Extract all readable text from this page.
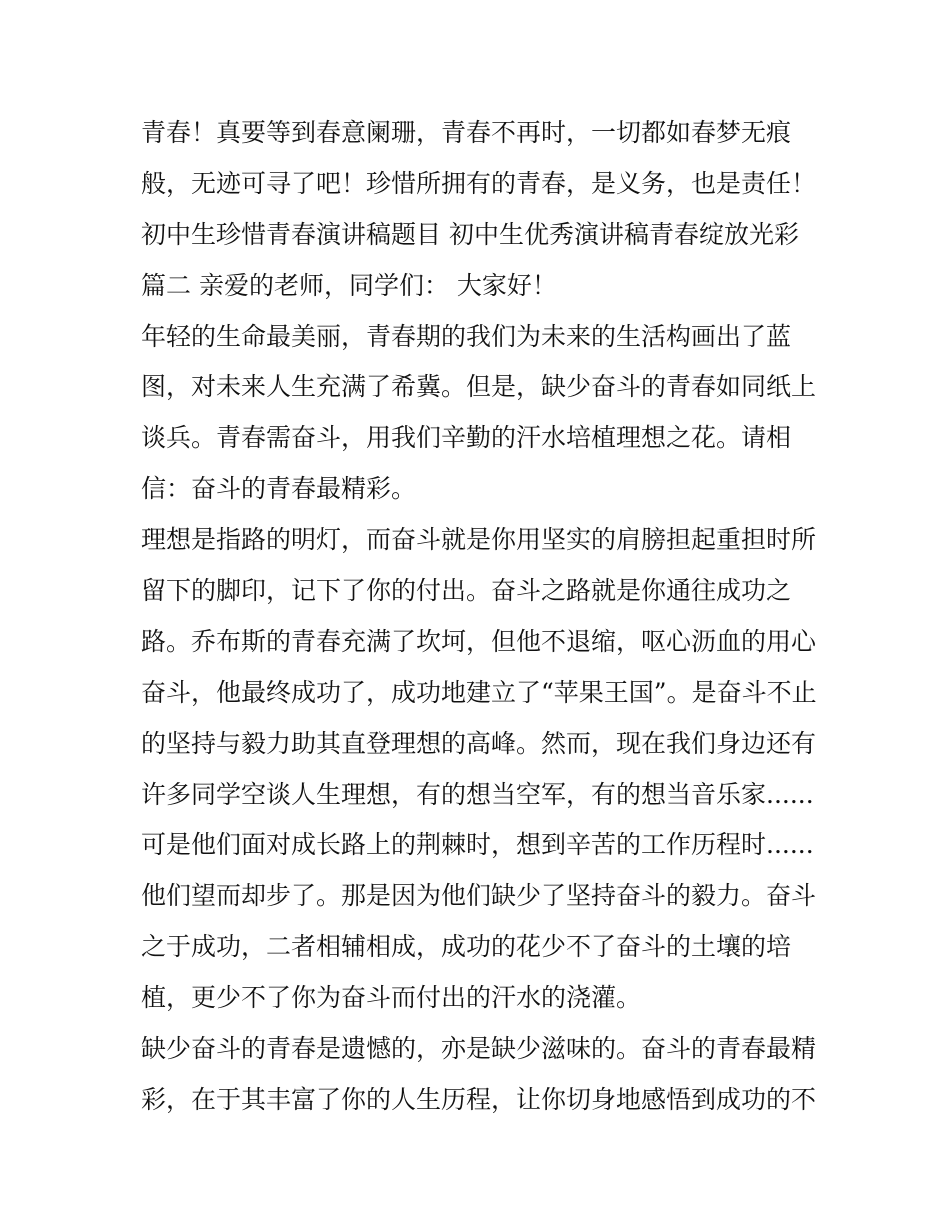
青春！真要等到春意阑珊，青春不再时，一切都如春梦无痕
般，无迹可寻了吧！珍惜所拥有的青春，是义务，也是责任！
初中生珍惜青春演讲稿题目 初中生优秀演讲稿青春绽放光彩
篇二 亲爱的老师，同学们： 大家好！
年轻的生命最美丽，青春期的我们为未来的生活构画出了蓝
图，对未来人生充满了希冀。但是，缺少奋斗的青春如同纸上
谈兵。青春需奋斗，用我们辛勤的汗水培植理想之花。请相
信：奋斗的青春最精彩。
理想是指路的明灯，而奋斗就是你用坚实的肩膀担起重担时所
留下的脚印，记下了你的付出。奋斗之路就是你通往成功之
路。乔布斯的青春充满了坎坷，但他不退缩，呕心沥血的用心
奋斗，他最终成功了，成功地建立了“苹果王国”。是奋斗不止
的坚持与毅力助其直登理想的高峰。然而，现在我们身边还有
许多同学空谈人生理想，有的想当空军，有的想当音乐家......
可是他们面对成长路上的荆棘时，想到辛苦的工作历程时......
他们望而却步了。那是因为他们缺少了坚持奋斗的毅力。奋斗
之于成功，二者相辅相成，成功的花少不了奋斗的土壤的培
植，更少不了你为奋斗而付出的汗水的浇灌。
缺少奋斗的青春是遗憾的，亦是缺少滋味的。奋斗的青春最精
彩，在于其丰富了你的人生历程，让你切身地感悟到成功的不
